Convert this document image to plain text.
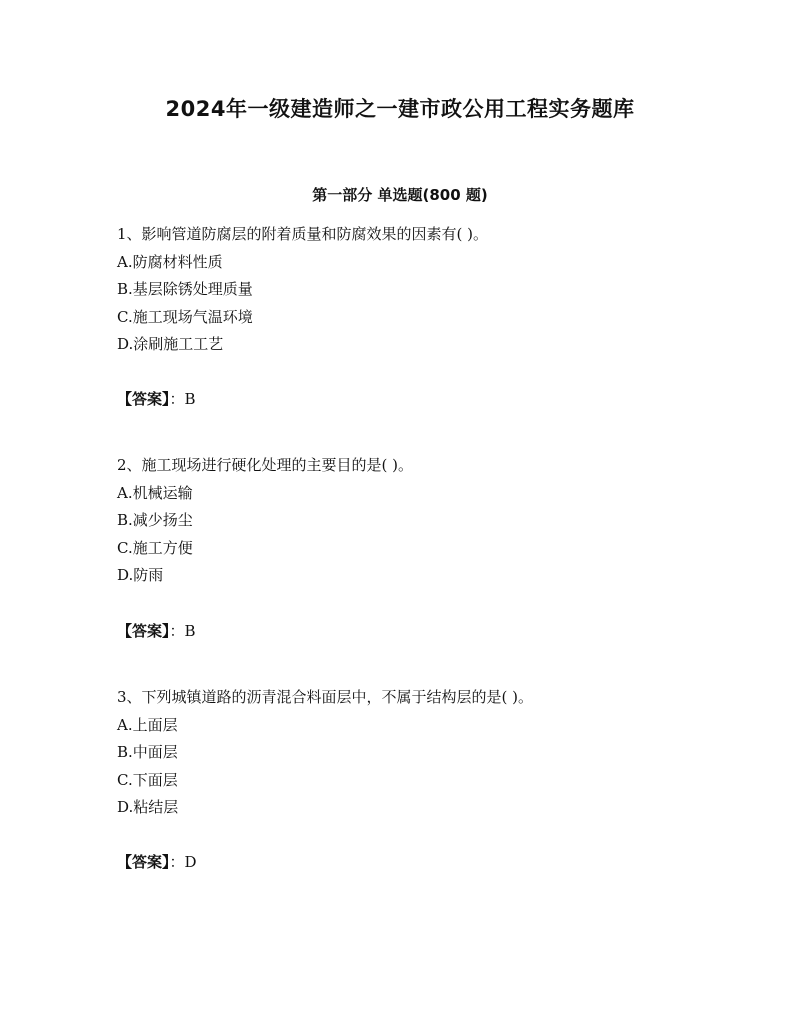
2024年一级建造师之一建市政公用工程实务题库
第一部分 单选题(800 题)
1、影响管道防腐层的附着质量和防腐效果的因素有( )。
A.防腐材料性质
B.基层除锈处理质量
C.施工现场气温环境
D.涂刷施工工艺
【答案】：B
2、施工现场进行硬化处理的主要目的是( )。
A.机械运输
B.减少扬尘
C.施工方便
D.防雨
【答案】：B
3、下列城镇道路的沥青混合料面层中，不属于结构层的是( )。
A.上面层
B.中面层
C.下面层
D.粘结层
【答案】：D
